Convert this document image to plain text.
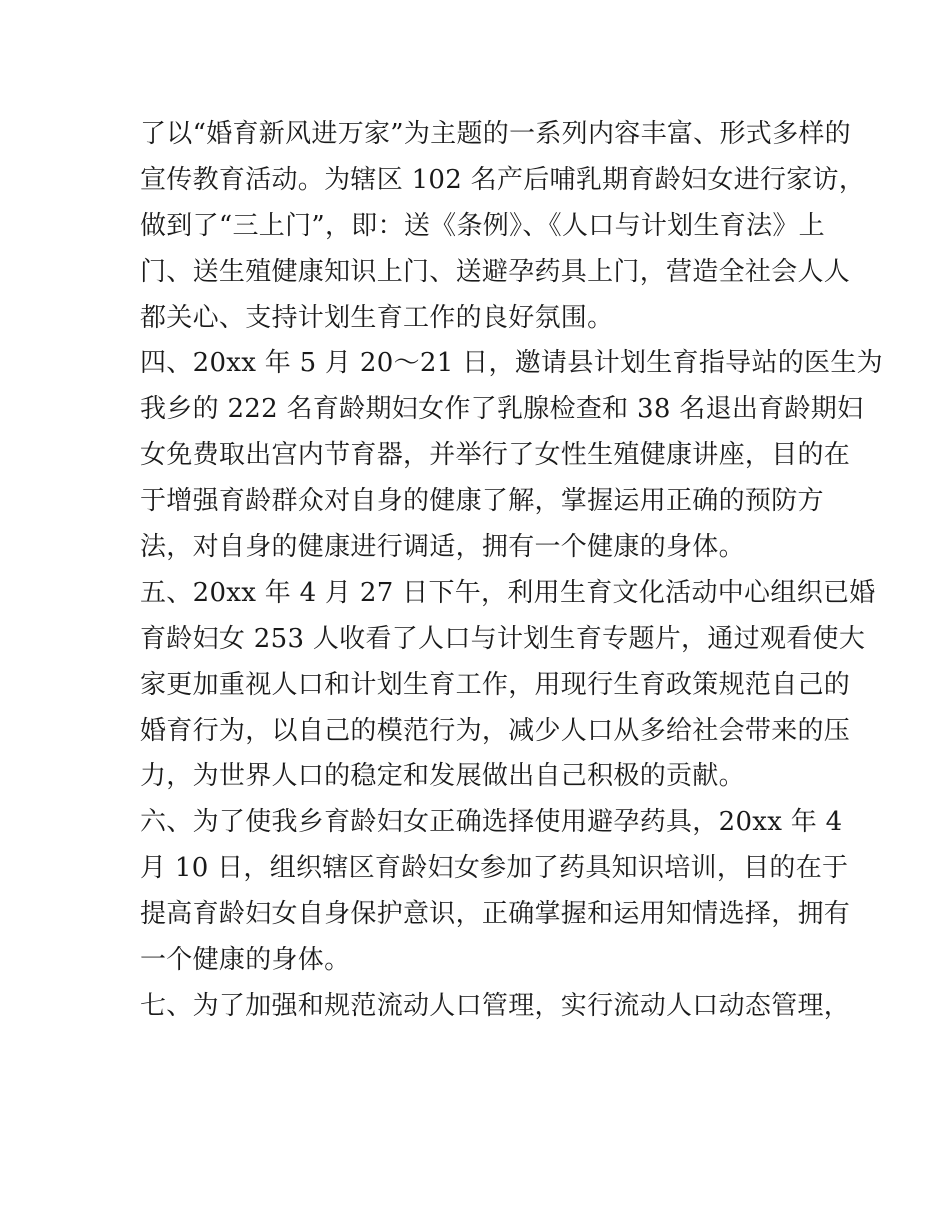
了以“婚育新风进万家”为主题的一系列内容丰富、形式多样的
宣传教育活动。为辖区 102 名产后哺乳期育龄妇女进行家访，
做到了“三上门”，即：送《条例》、《人口与计划生育法》上
门、送生殖健康知识上门、送避孕药具上门，营造全社会人人
都关心、支持计划生育工作的良好氛围。
四、20xx 年 5 月 20～21 日，邀请县计划生育指导站的医生为
我乡的 222 名育龄期妇女作了乳腺检查和 38 名退出育龄期妇
女免费取出宫内节育器，并举行了女性生殖健康讲座，目的在
于增强育龄群众对自身的健康了解，掌握运用正确的预防方
法，对自身的健康进行调适，拥有一个健康的身体。
五、20xx 年 4 月 27 日下午，利用生育文化活动中心组织已婚
育龄妇女 253 人收看了人口与计划生育专题片，通过观看使大
家更加重视人口和计划生育工作，用现行生育政策规范自己的
婚育行为，以自己的模范行为，减少人口从多给社会带来的压
力，为世界人口的稳定和发展做出自己积极的贡献。
六、为了使我乡育龄妇女正确选择使用避孕药具，20xx 年 4
月 10 日，组织辖区育龄妇女参加了药具知识培训，目的在于
提高育龄妇女自身保护意识，正确掌握和运用知情选择，拥有
一个健康的身体。
七、为了加强和规范流动人口管理，实行流动人口动态管理，
